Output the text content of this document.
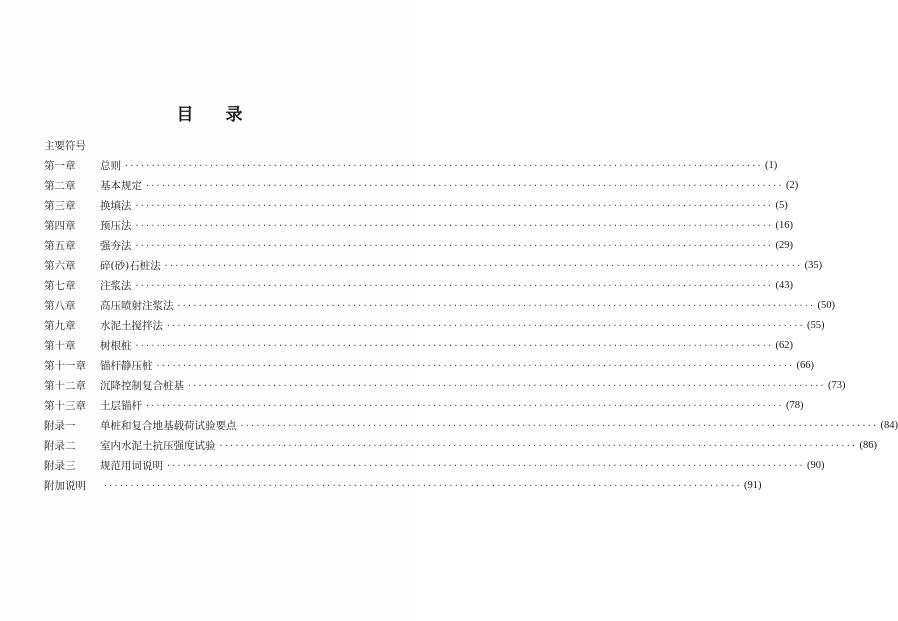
目 录
主要符号
第一章	总则 ························································································································ (1)
第二章	基本规定 ························································································································ (2)
第三章	换填法 ························································································································ (5)
第四章	预压法 ························································································································ (16)
第五章	强夯法 ························································································································ (29)
第六章	碎(砂)石桩法 ························································································································ (35)
第七章	注浆法 ························································································································ (43)
第八章	高压喷射注浆法 ························································································································ (50)
第九章	水泥土搅拌法 ························································································································ (55)
第十章	树根桩 ························································································································ (62)
第十一章	锚杆静压桩 ························································································································ (66)
第十二章	沉降控制复合桩基 ························································································································ (73)
第十三章	土层锚杆 ························································································································ (78)
附录一	单桩和复合地基载荷试验要点 ························································································································ (84)
附录二	室内水泥土抗压强度试验 ························································································································ (86)
附录三	规范用词说明 ························································································································ (90)
附加说明	························································································································ (91)
